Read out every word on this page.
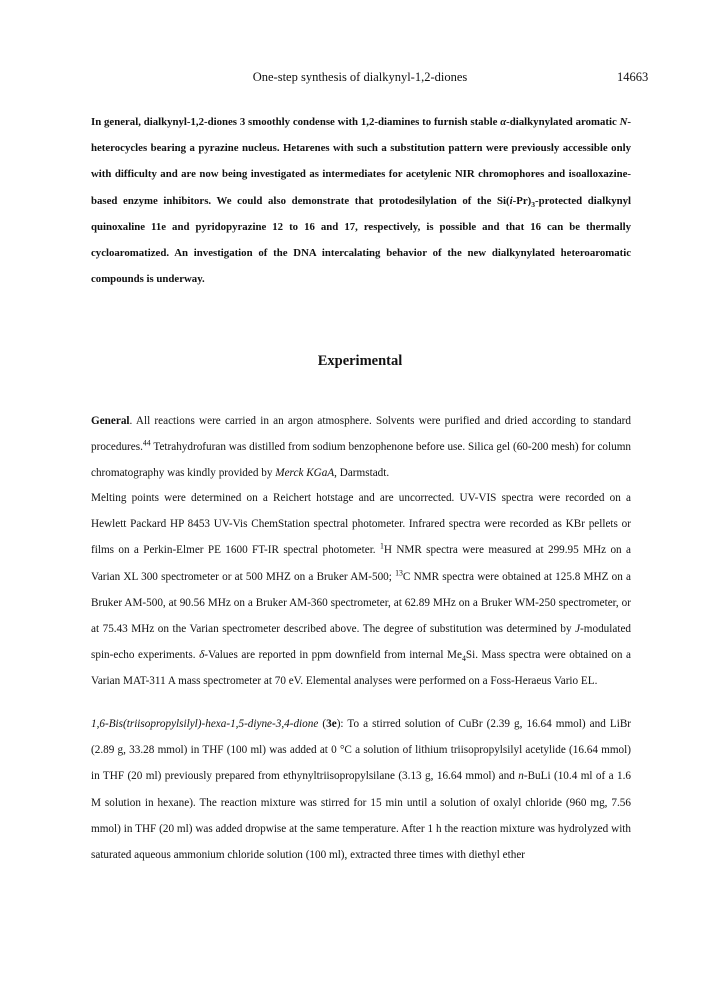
One-step synthesis of dialkynyl-1,2-diones	14663

In general, dialkynyl-1,2-diones 3 smoothly condense with 1,2-diamines to furnish stable α-dialkynylated aromatic N-heterocycles bearing a pyrazine nucleus. Hetarenes with such a substitution pattern were previously accessible only with difficulty and are now being investigated as intermediates for acetylenic NIR chromophores and isoalloxazine-based enzyme inhibitors. We could also demonstrate that protodesilylation of the $Si(i-Pr)_3$-protected dialkynyl quinoxaline 11e and pyridopyrazine 12 to 16 and 17, respectively, is possible and that 16 can be thermally cycloaromatized. An investigation of the DNA intercalating behavior of the new dialkynylated heteroaromatic compounds is underway.

Experimental

General. All reactions were carried in an argon atmosphere. Solvents were purified and dried according to standard procedures.$^{44}$ Tetrahydrofuran was distilled from sodium benzophenone before use. Silica gel (60-200 mesh) for column chromatography was kindly provided by Merck KGaA, Darmstadt.

Melting points were determined on a Reichert hotstage and are uncorrected. UV-VIS spectra were recorded on a Hewlett Packard HP 8453 UV-Vis ChemStation spectral photometer. Infrared spectra were recorded as KBr pellets or films on a Perkin-Elmer PE 1600 FT-IR spectral photometer. $^1$H NMR spectra were measured at 299.95 MHz on a Varian XL 300 spectrometer or at 500 MHZ on a Bruker AM-500; $^{13}$C NMR spectra were obtained at 125.8 MHZ on a Bruker AM-500, at 90.56 MHz on a Bruker AM-360 spectrometer, at 62.89 MHz on a Bruker WM-250 spectrometer, or at 75.43 MHz on the Varian spectrometer described above. The degree of substitution was determined by J-modulated spin-echo experiments. δ-Values are reported in ppm downfield from internal $Me_4Si$. Mass spectra were obtained on a Varian MAT-311 A mass spectrometer at 70 eV. Elemental analyses were performed on a Foss-Heraeus Vario EL.

1,6-Bis(triisopropylsilyl)-hexa-1,5-diyne-3,4-dione (3e): To a stirred solution of CuBr (2.39 g, 16.64 mmol) and LiBr (2.89 g, 33.28 mmol) in THF (100 ml) was added at 0 °C a solution of lithium triisopropylsilyl acetylide (16.64 mmol) in THF (20 ml) previously prepared from ethynyltriisopropylsilane (3.13 g, 16.64 mmol) and n-BuLi (10.4 ml of a 1.6 M solution in hexane). The reaction mixture was stirred for 15 min until a solution of oxalyl chloride (960 mg, 7.56 mmol) in THF (20 ml) was added dropwise at the same temperature. After 1 h the reaction mixture was hydrolyzed with saturated aqueous ammonium chloride solution (100 ml), extracted three times with diethyl ether
